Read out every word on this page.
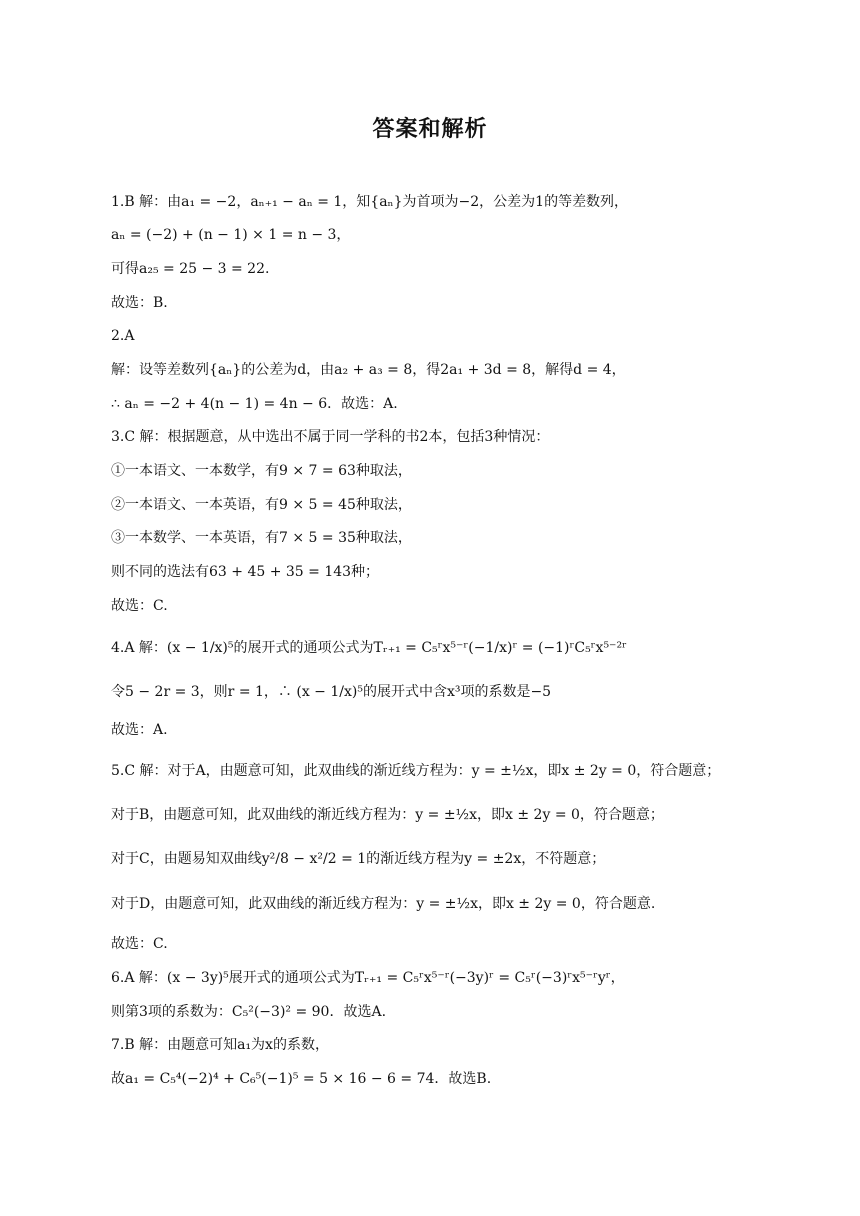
答案和解析
1.B 解：由a₁ = −2，aₙ₊₁ − aₙ = 1，知{aₙ}为首项为−2，公差为1的等差数列，
aₙ = (−2) + (n − 1) × 1 = n − 3，
可得a₂₅ = 25 − 3 = 22.
故选：B.
2.A
解：设等差数列{aₙ}的公差为d，由a₂ + a₃ = 8，得2a₁ + 3d = 8，解得d = 4，
∴ aₙ = −2 + 4(n − 1) = 4n − 6．故选：A.
3.C 解：根据题意，从中选出不属于同一学科的书2本，包括3种情况：
①一本语文、一本数学，有9 × 7 = 63种取法，
②一本语文、一本英语，有9 × 5 = 45种取法，
③一本数学、一本英语，有7 × 5 = 35种取法，
则不同的选法有63 + 45 + 35 = 143种；
故选：C.
4.A 解：(x − 1/x)⁵的展开式的通项公式为Tᵣ₊₁ = C₅ʳx⁵⁻ʳ(−1/x)ʳ = (−1)ʳC₅ʳx⁵⁻²ʳ
令5 − 2r = 3，则r = 1，∴ (x − 1/x)⁵的展开式中含x³项的系数是−5
故选：A.
5.C 解：对于A，由题意可知，此双曲线的渐近线方程为：y = ±½x，即x ± 2y = 0，符合题意；
对于B，由题意可知，此双曲线的渐近线方程为：y = ±½x，即x ± 2y = 0，符合题意；
对于C，由题易知双曲线y²/8 − x²/2 = 1的渐近线方程为y = ±2x，不符题意；
对于D，由题意可知，此双曲线的渐近线方程为：y = ±½x，即x ± 2y = 0，符合题意.
故选：C.
6.A 解：(x − 3y)⁵展开式的通项公式为Tᵣ₊₁ = C₅ʳx⁵⁻ʳ(−3y)ʳ = C₅ʳ(−3)ʳx⁵⁻ʳyʳ，
则第3项的系数为：C₅²(−3)² = 90．故选A.
7.B 解：由题意可知a₁为x的系数，
故a₁ = C₅⁴(−2)⁴ + C₆⁵(−1)⁵ = 5 × 16 − 6 = 74．故选B.
